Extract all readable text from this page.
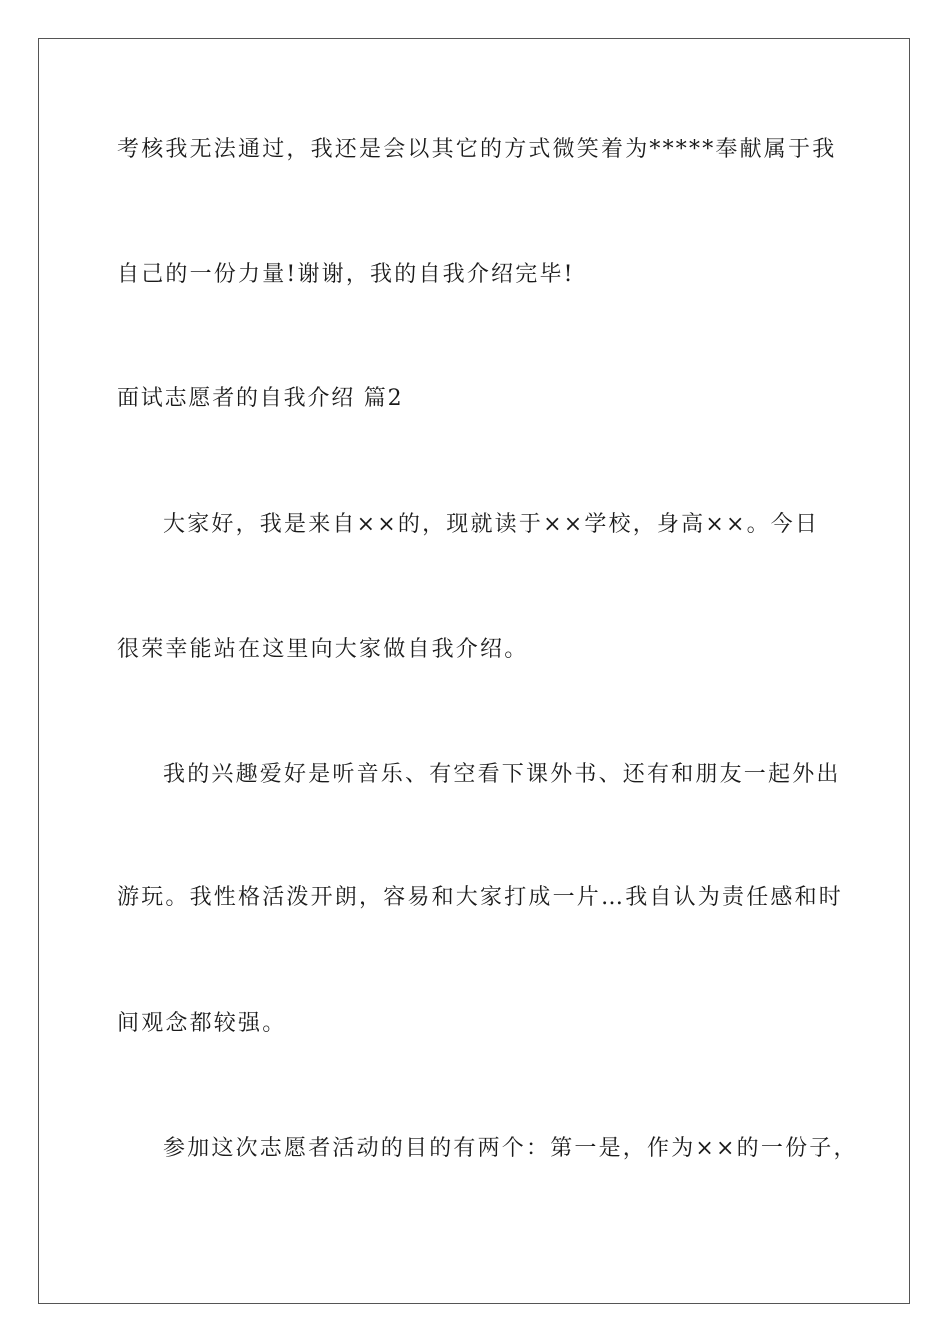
考核我无法通过，我还是会以其它的方式微笑着为*****奉献属于我
自己的一份力量!谢谢，我的自我介绍完毕!
面试志愿者的自我介绍 篇2
大家好，我是来自××的，现就读于××学校，身高××。今日
很荣幸能站在这里向大家做自我介绍。
我的兴趣爱好是听音乐、有空看下课外书、还有和朋友一起外出
游玩。我性格活泼开朗，容易和大家打成一片…我自认为责任感和时
间观念都较强。
参加这次志愿者活动的目的有两个：第一是，作为××的一份子，
